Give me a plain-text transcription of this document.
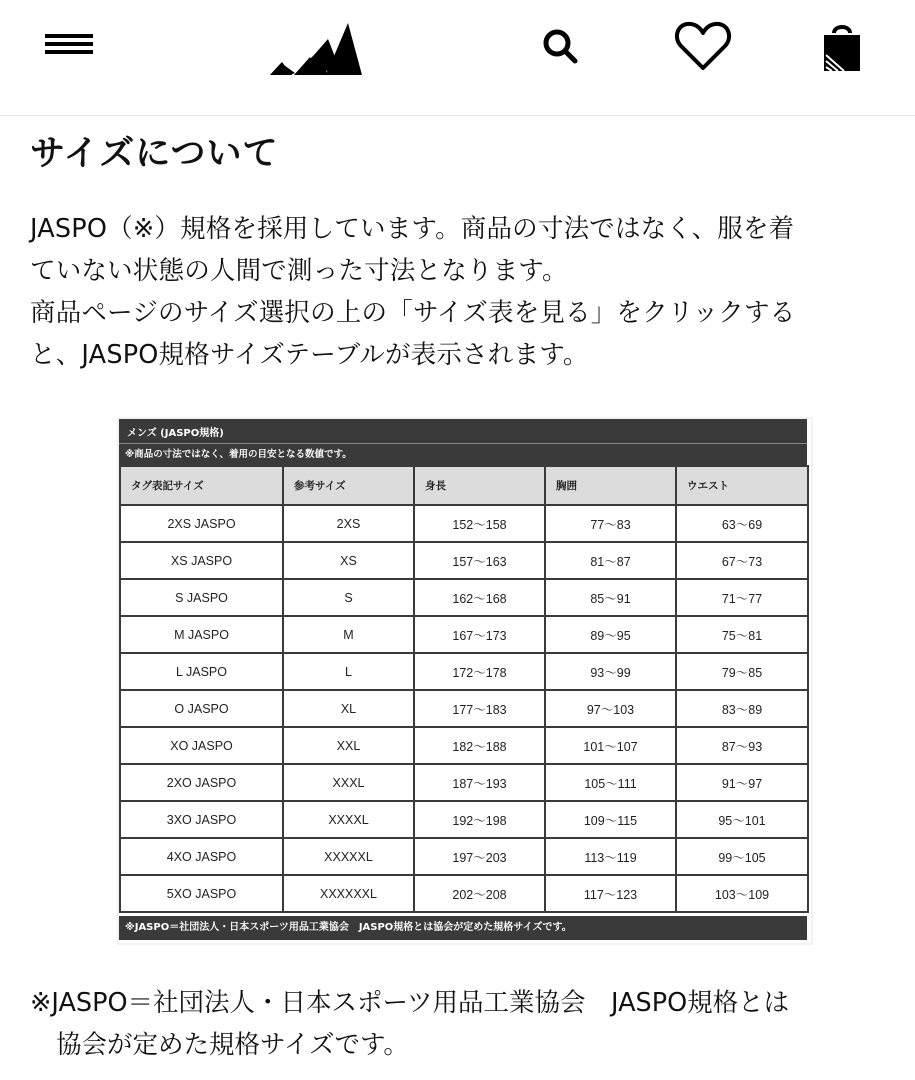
サイズについて

JASPO（※）規格を採用しています。商品の寸法ではなく、服を着
ていない状態の人間で測った寸法となります。
商品ページのサイズ選択の上の「サイズ表を見る」をクリックする
と、JASPO規格サイズテーブルが表示されます。

メンズ (JASPO規格)
※商品の寸法ではなく、着用の目安となる数値です。
タグ表記サイズ	参考サイズ	身長	胸囲	ウエスト
2XS JASPO	2XS	152〜158	77〜83	63〜69
XS JASPO	XS	157〜163	81〜87	67〜73
S JASPO	S	162〜168	85〜91	71〜77
M JASPO	M	167〜173	89〜95	75〜81
L JASPO	L	172〜178	93〜99	79〜85
O JASPO	XL	177〜183	97〜103	83〜89
XO JASPO	XXL	182〜188	101〜107	87〜93
2XO JASPO	XXXL	187〜193	105〜111	91〜97
3XO JASPO	XXXXL	192〜198	109〜115	95〜101
4XO JASPO	XXXXXL	197〜203	113〜119	99〜105
5XO JASPO	XXXXXXL	202〜208	117〜123	103〜109
※JASPO＝社団法人・日本スポーツ用品工業協会　JASPO規格とは協会が定めた規格サイズです。

※JASPO＝社団法人・日本スポーツ用品工業協会　JASPO規格とは
協会が定めた規格サイズです。
